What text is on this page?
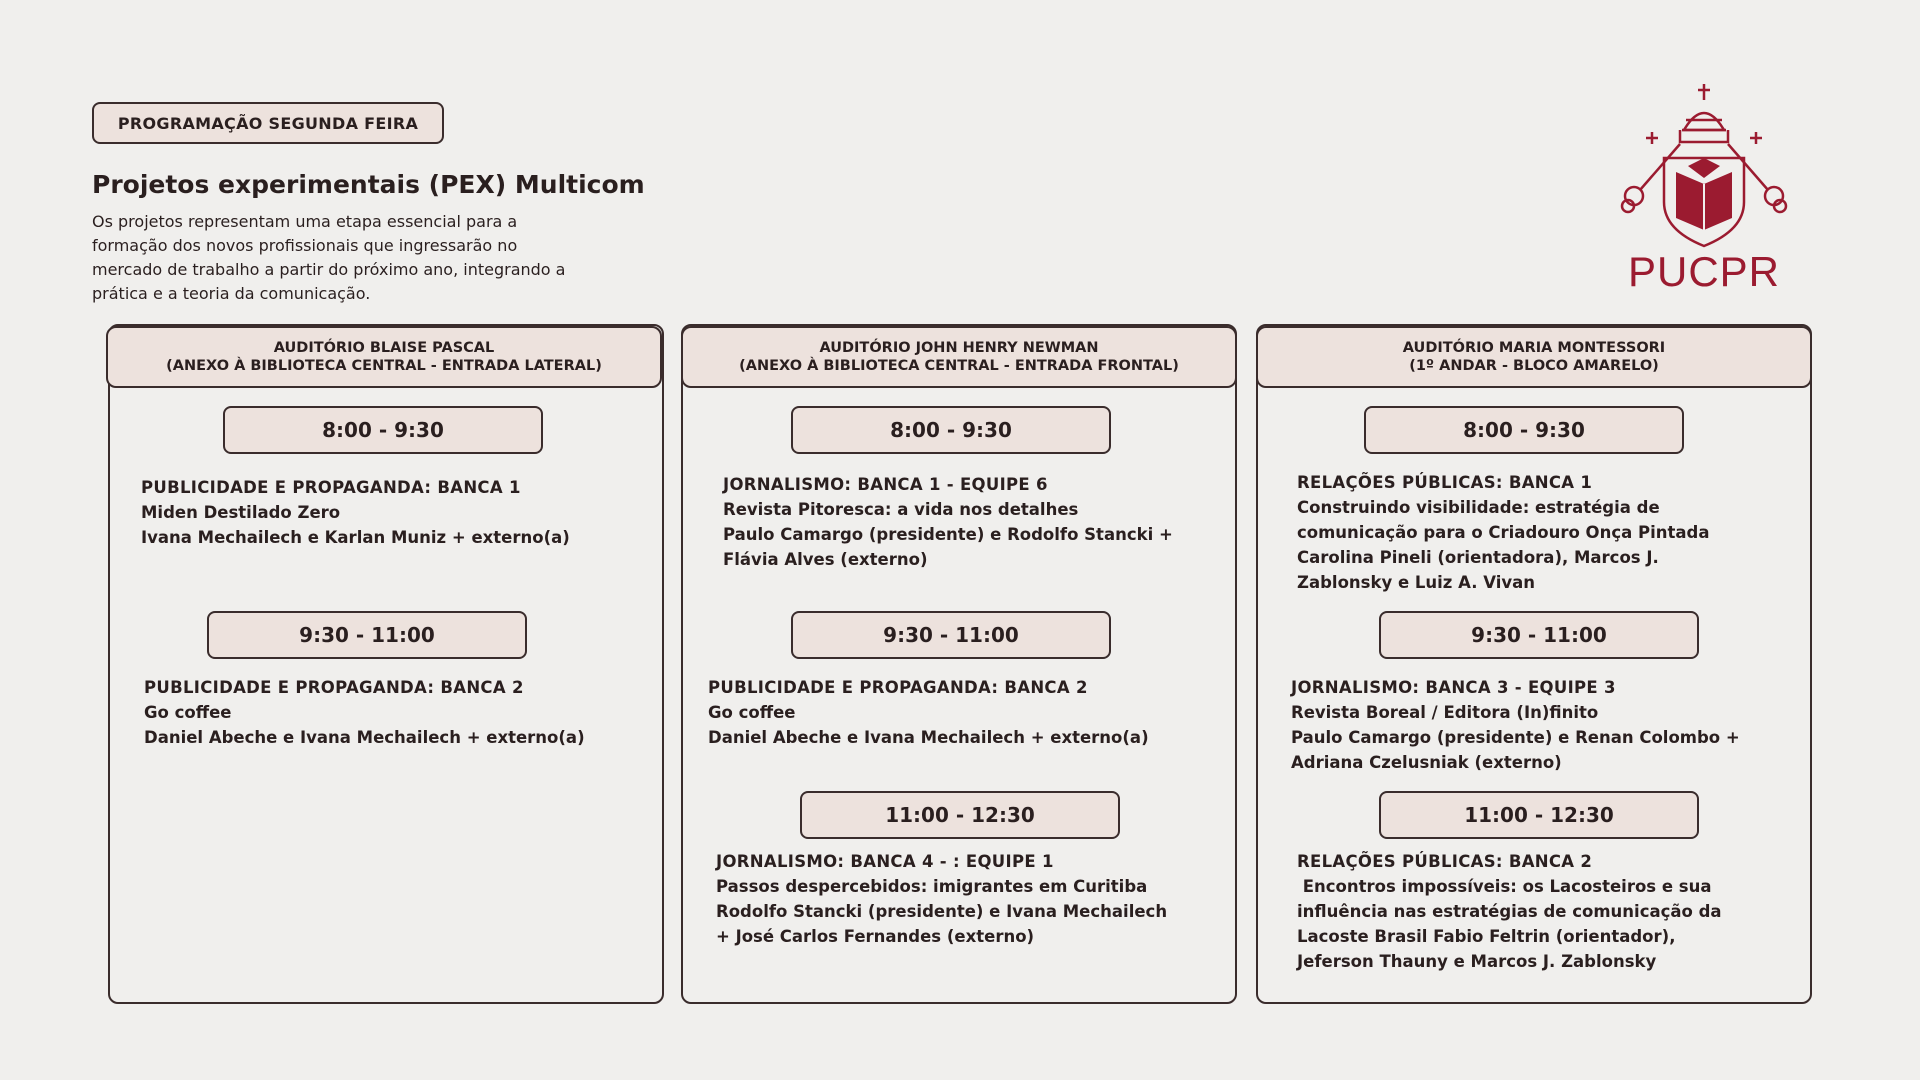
PROGRAMAÇÃO SEGUNDA FEIRA
Projetos experimentais (PEX) Multicom
Os projetos representam uma etapa essencial para a
formação dos novos profissionais que ingressarão no
mercado de trabalho a partir do próximo ano, integrando a
prática e a teoria da comunicação.	PUCPR
AUDITÓRIO BLAISE PASCAL
(ANEXO À BIBLIOTECA CENTRAL - ENTRADA LATERAL)
8:00 - 9:30
PUBLICIDADE E PROPAGANDA: BANCA 1
Miden Destilado Zero
Ivana Mechailech e Karlan Muniz + externo(a)
9:30 - 11:00
PUBLICIDADE E PROPAGANDA: BANCA 2
Go coffee
Daniel Abeche e Ivana Mechailech + externo(a)
AUDITÓRIO JOHN HENRY NEWMAN
(ANEXO À BIBLIOTECA CENTRAL - ENTRADA FRONTAL)
8:00 - 9:30
JORNALISMO: BANCA 1 - EQUIPE 6
Revista Pitoresca: a vida nos detalhes
Paulo Camargo (presidente) e Rodolfo Stancki +
Flávia Alves (externo)
9:30 - 11:00
PUBLICIDADE E PROPAGANDA: BANCA 2
Go coffee
Daniel Abeche e Ivana Mechailech + externo(a)
11:00 - 12:30
JORNALISMO: BANCA 4 - : EQUIPE 1
Passos despercebidos: imigrantes em Curitiba
Rodolfo Stancki (presidente) e Ivana Mechailech
+ José Carlos Fernandes (externo)
AUDITÓRIO MARIA MONTESSORI
(1º ANDAR - BLOCO AMARELO)
8:00 - 9:30
RELAÇÕES PÚBLICAS: BANCA 1
Construindo visibilidade: estratégia de
comunicação para o Criadouro Onça Pintada
Carolina Pineli (orientadora), Marcos J.
Zablonsky e Luiz A. Vivan
9:30 - 11:00
JORNALISMO: BANCA 3 - EQUIPE 3
Revista Boreal / Editora (In)finito
Paulo Camargo (presidente) e Renan Colombo +
Adriana Czelusniak (externo)
11:00 - 12:30
RELAÇÕES PÚBLICAS: BANCA 2
Encontros impossíveis: os Lacosteiros e sua
influência nas estratégias de comunicação da
Lacoste Brasil Fabio Feltrin (orientador),
Jeferson Thauny e Marcos J. Zablonsky
